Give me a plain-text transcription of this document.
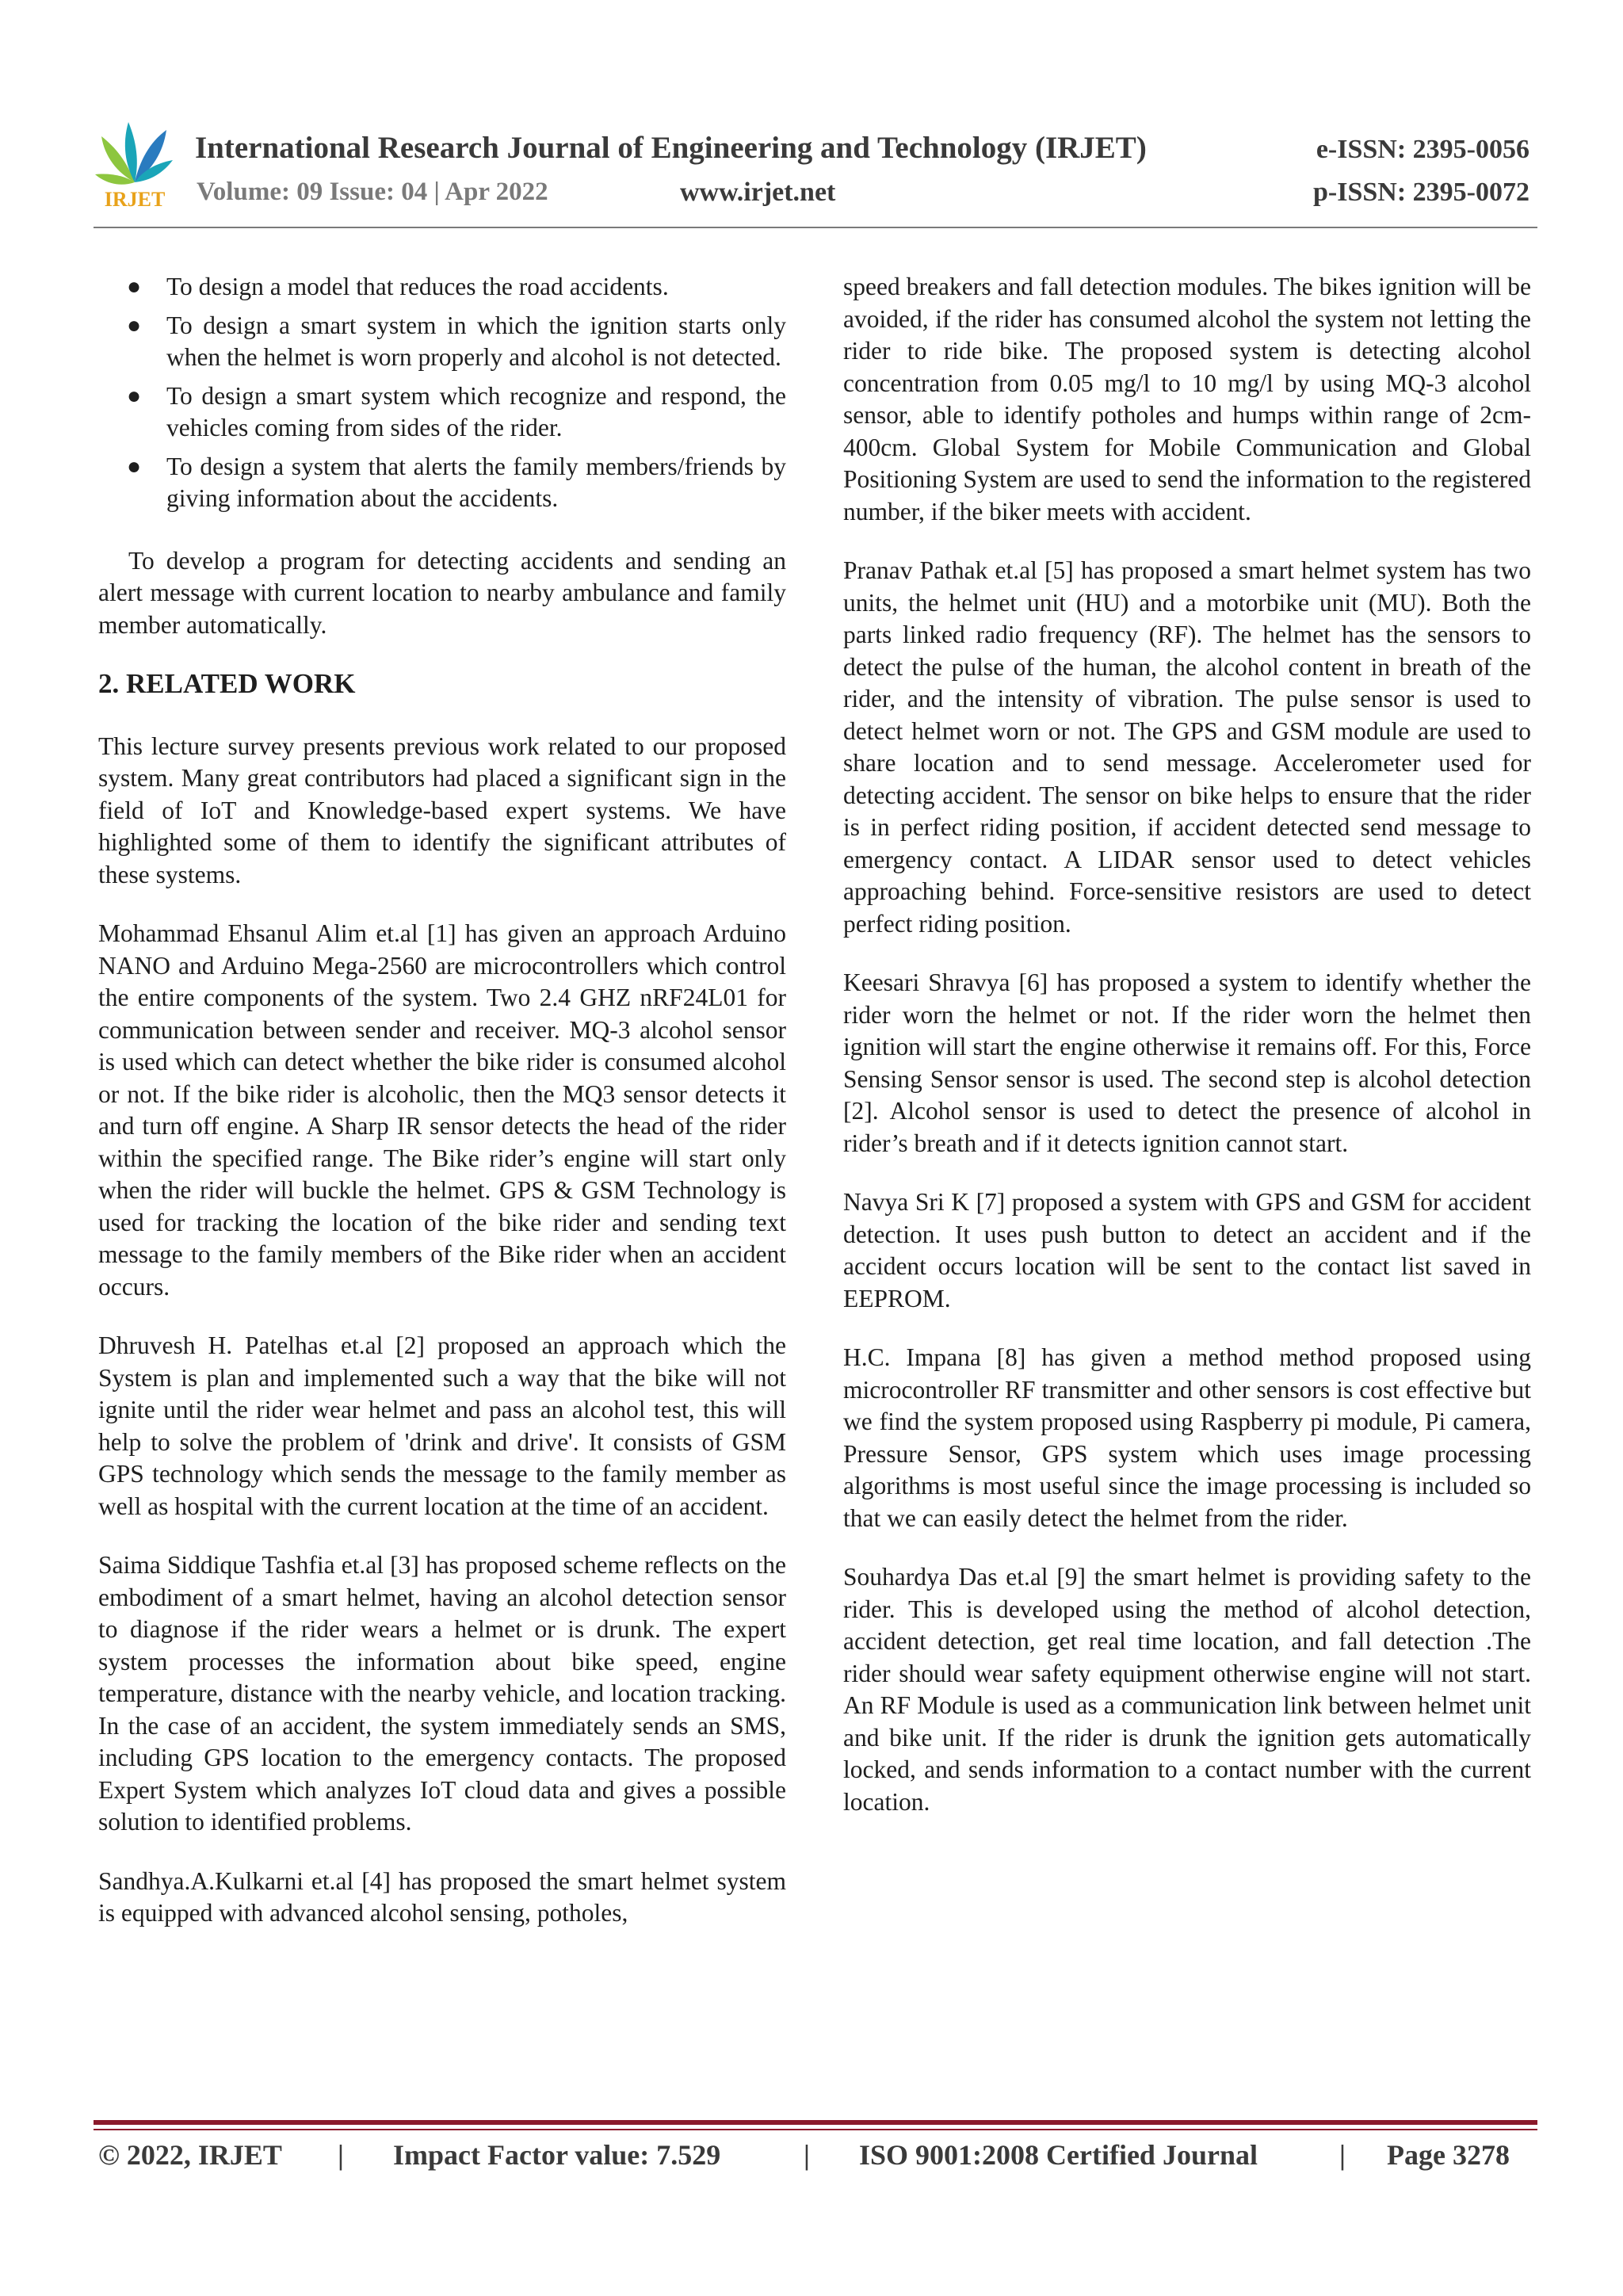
IRJET
International Research Journal of Engineering and Technology (IRJET)	e-ISSN: 2395-0056
Volume: 09 Issue: 04 | Apr 2022	www.irjet.net	p-ISSN: 2395-0072
● To design a model that reduces the road accidents.
● To design a smart system in which the ignition starts only when the helmet is worn properly and alcohol is not detected.
● To design a smart system which recognize and respond, the vehicles coming from sides of the rider.
● To design a system that alerts the family members/friends by giving information about the accidents.

To develop a program for detecting accidents and sending an alert message with current location to nearby ambulance and family member automatically.

2. RELATED WORK

This lecture survey presents previous work related to our proposed system. Many great contributors had placed a significant sign in the field of IoT and Knowledge-based expert systems. We have highlighted some of them to identify the significant attributes of these systems.

Mohammad Ehsanul Alim et.al [1] has given an approach Arduino NANO and Arduino Mega-2560 are microcontrollers which control the entire components of the system. Two 2.4 GHZ nRF24L01 for communication between sender and receiver. MQ-3 alcohol sensor is used which can detect whether the bike rider is consumed alcohol or not. If the bike rider is alcoholic, then the MQ3 sensor detects it and turn off engine. A Sharp IR sensor detects the head of the rider within the specified range. The Bike rider’s engine will start only when the rider will buckle the helmet. GPS & GSM Technology is used for tracking the location of the bike rider and sending text message to the family members of the Bike rider when an accident occurs.

Dhruvesh H. Patelhas et.al [2] proposed an approach which the System is plan and implemented such a way that the bike will not ignite until the rider wear helmet and pass an alcohol test, this will help to solve the problem of 'drink and drive'. It consists of GSM GPS technology which sends the message to the family member as well as hospital with the current location at the time of an accident.

Saima Siddique Tashfia et.al [3] has proposed scheme reflects on the embodiment of a smart helmet, having an alcohol detection sensor to diagnose if the rider wears a helmet or is drunk. The expert system processes the information about bike speed, engine temperature, distance with the nearby vehicle, and location tracking. In the case of an accident, the system immediately sends an SMS, including GPS location to the emergency contacts. The proposed Expert System which analyzes IoT cloud data and gives a possible solution to identified problems.

Sandhya.A.Kulkarni et.al [4] has proposed the smart helmet system is equipped with advanced alcohol sensing, potholes,

speed breakers and fall detection modules. The bikes ignition will be avoided, if the rider has consumed alcohol the system not letting the rider to ride bike. The proposed system is detecting alcohol concentration from 0.05 mg/l to 10 mg/l by using MQ-3 alcohol sensor, able to identify potholes and humps within range of 2cm-400cm. Global System for Mobile Communication and Global Positioning System are used to send the information to the registered number, if the biker meets with accident.

Pranav Pathak et.al [5] has proposed a smart helmet system has two units, the helmet unit (HU) and a motorbike unit (MU). Both the parts linked radio frequency (RF). The helmet has the sensors to detect the pulse of the human, the alcohol content in breath of the rider, and the intensity of vibration. The pulse sensor is used to detect helmet worn or not. The GPS and GSM module are used to share location and to send message. Accelerometer used for detecting accident. The sensor on bike helps to ensure that the rider is in perfect riding position, if accident detected send message to emergency contact. A LIDAR sensor used to detect vehicles approaching behind. Force-sensitive resistors are used to detect perfect riding position.

Keesari Shravya [6] has proposed a system to identify whether the rider worn the helmet or not. If the rider worn the helmet then ignition will start the engine otherwise it remains off. For this, Force Sensing Sensor sensor is used. The second step is alcohol detection [2]. Alcohol sensor is used to detect the presence of alcohol in rider’s breath and if it detects ignition cannot start.

Navya Sri K [7] proposed a system with GPS and GSM for accident detection. It uses push button to detect an accident and if the accident occurs location will be sent to the contact list saved in EEPROM.

H.C. Impana [8] has given a method method proposed using microcontroller RF transmitter and other sensors is cost effective but we find the system proposed using Raspberry pi module, Pi camera, Pressure Sensor, GPS system which uses image processing algorithms is most useful since the image processing is included so that we can easily detect the helmet from the rider.

Souhardya Das et.al [9] the smart helmet is providing safety to the rider. This is developed using the method of alcohol detection, accident detection, get real time location, and fall detection .The rider should wear safety equipment otherwise engine will not start. An RF Module is used as a communication link between helmet unit and bike unit. If the rider is drunk the ignition gets automatically locked, and sends information to a contact number with the current location.

© 2022, IRJET | Impact Factor value: 7.529	| ISO 9001:2008 Certified Journal	| Page 3278
